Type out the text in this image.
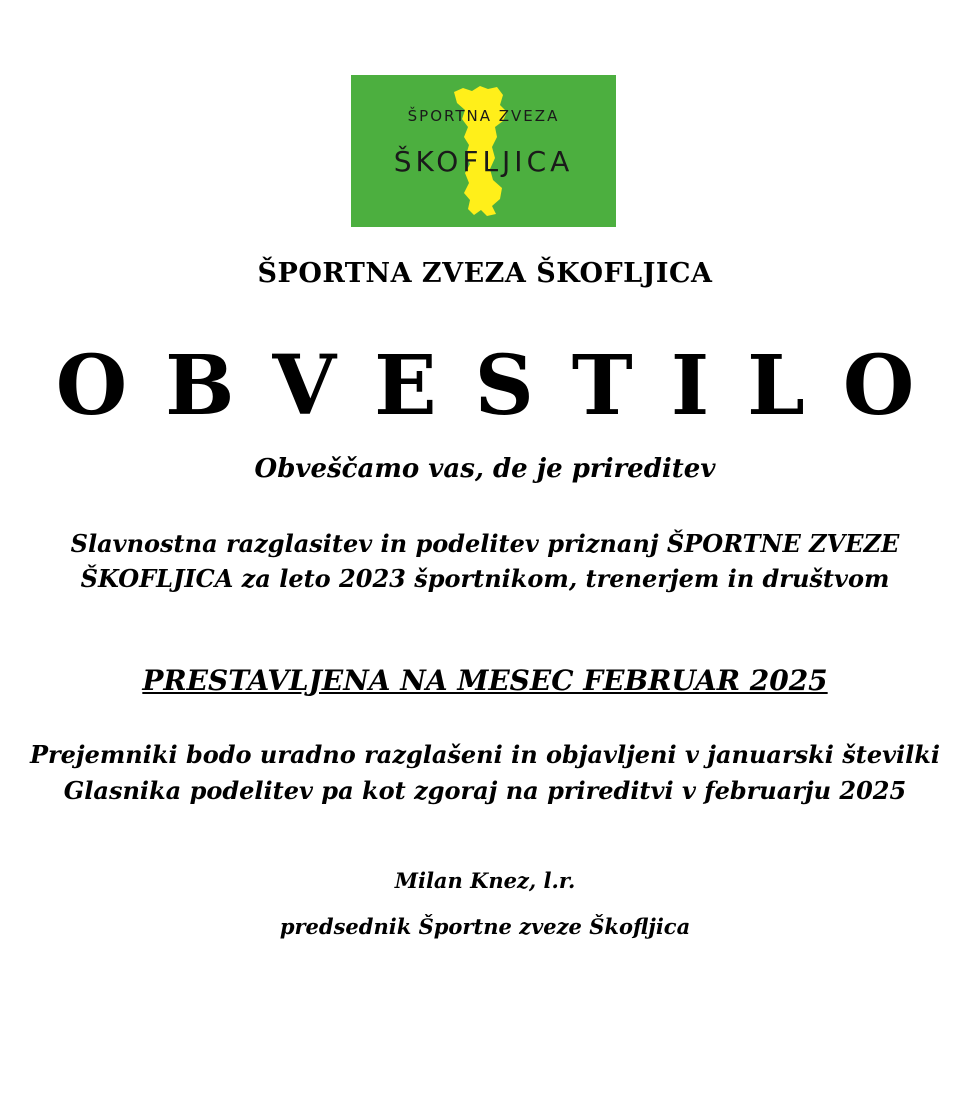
ŠPORTNA ZVEZA
ŠKOFLJICA
ŠPORTNA ZVEZA ŠKOFLJICA
OBVESTILO
Obveščamo vas, de je prireditev
Slavnostna razglasitev in podelitev priznanj ŠPORTNE ZVEZE ŠKOFLJICA za leto 2023 športnikom, trenerjem in društvom
PRESTAVLJENA NA MESEC FEBRUAR 2025
Prejemniki bodo uradno razglašeni in objavljeni v januarski številki Glasnika podelitev pa kot zgoraj na prireditvi v februarju 2025
Milan Knez, l.r.
predsednik Športne zveze Škofljica
